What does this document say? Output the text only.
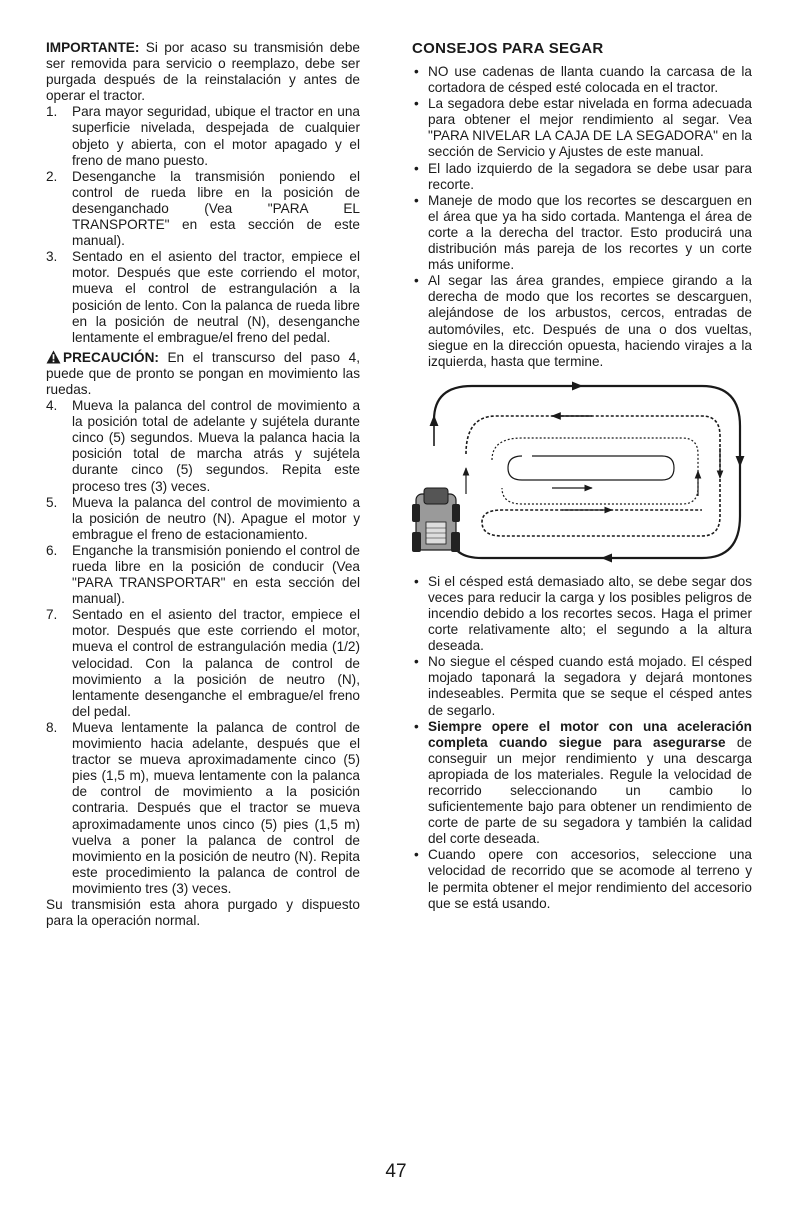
IMPORTANTE: Si por acaso su transmisión debe ser removida para servicio o reemplazo, debe ser purgada después de la reinstalación y antes de operar el tractor.

1. Para mayor seguridad, ubique el tractor en una superficie nivelada, despejada de cualquier objeto y abierta, con el motor apagado y el freno de mano puesto.
2. Desenganche la transmisión poniendo el control de rueda libre en la posición de desenganchado (Vea "PARA EL TRANSPORTE" en esta sección de este manual).
3. Sentado en el asiento del tractor, empiece el motor. Después que este corriendo el motor, mueva el control de estrangulación a la posición de lento. Con la palanca de rueda libre en la posición de neutral (N), desenganche lentamente el embrague/el freno del pedal.

PRECAUCIÓN: En el transcurso del paso 4, puede que de pronto se pongan en movimiento las ruedas.

4. Mueva la palanca del control de movimiento a la posición total de adelante y sujétela durante cinco (5) segundos. Mueva la palanca hacia la posición total de marcha atrás y sujétela durante cinco (5) segundos. Repita este proceso tres (3) veces.
5. Mueva la palanca del control de movimiento a la posición de neutro (N). Apague el motor y embrague el freno de estacionamiento.
6. Enganche la transmisión poniendo el control de rueda libre en la posición de conducir (Vea "PARA TRANSPORTAR" en esta sección del manual).
7. Sentado en el asiento del tractor, empiece el motor. Después que este corriendo el motor, mueva el control de estrangulación media (1/2) velocidad. Con la palanca de control de movimiento a la posición de neutro (N), lentamente desenganche el embrague/el freno del pedal.
8. Mueva lentamente la palanca de control de movimiento hacia adelante, después que el tractor se mueva aproximadamente cinco (5) pies (1,5 m), mueva lentamente con la palanca de control de movimiento a la posición contraria. Después que el tractor se mueva aproximadamente unos cinco (5) pies (1,5 m) vuelva a poner la palanca de control de movimiento en la posición de neutro (N). Repita este procedimiento la palanca de control de movimiento tres (3) veces.

Su transmisión esta ahora purgado y dispuesto para la operación normal.

CONSEJOS PARA SEGAR
• NO use cadenas de llanta cuando la carcasa de la cortadora de césped esté colocada en el tractor.
• La segadora debe estar nivelada en forma adecuada para obtener el mejor rendimiento al segar. Vea "PARA NIVELAR LA CAJA DE LA SEGADORA" en la sección de Servicio y Ajustes de este manual.
• El lado izquierdo de la segadora se debe usar para recorte.
• Maneje de modo que los recortes se descarguen en el área que ya ha sido cortada. Mantenga el área de corte a la derecha del tractor. Esto producirá una distribución más pareja de los recortes y un corte más uniforme.
• Al segar las área grandes, empiece girando a la derecha de modo que los recortes se descarguen, alejándose de los arbustos, cercos, entradas de automóviles, etc. Después de una o dos vueltas, siegue en la dirección opuesta, haciendo virajes a la izquierda, hasta que termine.
• Si el césped está demasiado alto, se debe segar dos veces para reducir la carga y los posibles peligros de incendio debido a los recortes secos. Haga el primer corte relativamente alto; el segundo a la altura deseada.
• No siegue el césped cuando está mojado. El césped mojado taponará la segadora y dejará montones indeseables. Permita que se seque el césped antes de segarlo.
• Siempre opere el motor con una aceleración completa cuando siegue para asegurarse de conseguir un mejor rendimiento y una descarga apropiada de los materiales. Regule la velocidad de recorrido seleccionando un cambio lo suficientemente bajo para obtener un rendimiento de corte de parte de su segadora y también la calidad del corte deseada.
• Cuando opere con accesorios, seleccione una velocidad de recorrido que se acomode al terreno y le permita obtener el mejor rendimiento del accesorio que se está usando.
47
